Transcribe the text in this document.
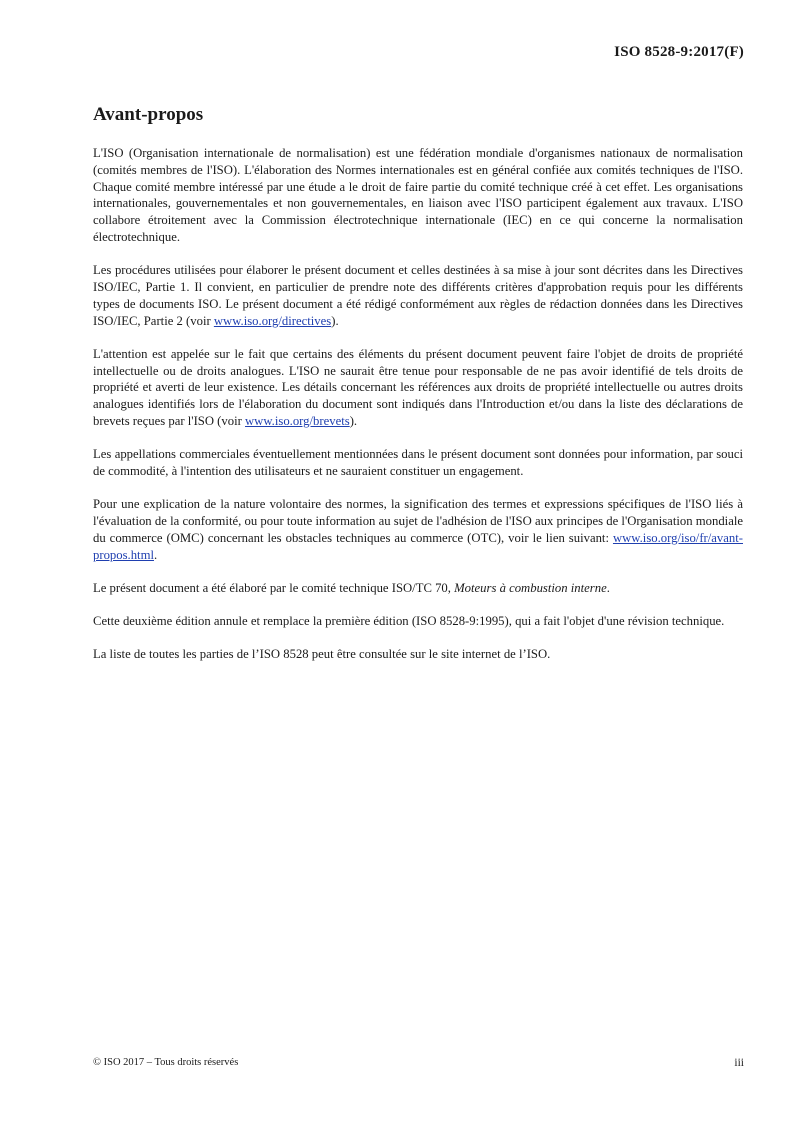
ISO 8528-9:2017(F)
Avant-propos

L'ISO (Organisation internationale de normalisation) est une fédération mondiale d'organismes nationaux de normalisation (comités membres de l'ISO). L'élaboration des Normes internationales est en général confiée aux comités techniques de l'ISO. Chaque comité membre intéressé par une étude a le droit de faire partie du comité technique créé à cet effet. Les organisations internationales, gouvernementales et non gouvernementales, en liaison avec l'ISO participent également aux travaux. L'ISO collabore étroitement avec la Commission électrotechnique internationale (IEC) en ce qui concerne la normalisation électrotechnique.

Les procédures utilisées pour élaborer le présent document et celles destinées à sa mise à jour sont décrites dans les Directives ISO/IEC, Partie 1. Il convient, en particulier de prendre note des différents critères d'approbation requis pour les différents types de documents ISO. Le présent document a été rédigé conformément aux règles de rédaction données dans les Directives ISO/IEC, Partie 2 (voir www.iso.org/directives).

L'attention est appelée sur le fait que certains des éléments du présent document peuvent faire l'objet de droits de propriété intellectuelle ou de droits analogues. L'ISO ne saurait être tenue pour responsable de ne pas avoir identifié de tels droits de propriété et averti de leur existence. Les détails concernant les références aux droits de propriété intellectuelle ou autres droits analogues identifiés lors de l'élaboration du document sont indiqués dans l'Introduction et/ou dans la liste des déclarations de brevets reçues par l'ISO (voir www.iso.org/brevets).

Les appellations commerciales éventuellement mentionnées dans le présent document sont données pour information, par souci de commodité, à l'intention des utilisateurs et ne sauraient constituer un engagement.

Pour une explication de la nature volontaire des normes, la signification des termes et expressions spécifiques de l'ISO liés à l'évaluation de la conformité, ou pour toute information au sujet de l'adhésion de l'ISO aux principes de l'Organisation mondiale du commerce (OMC) concernant les obstacles techniques au commerce (OTC), voir le lien suivant: www.iso.org/iso/fr/avant-propos.html.

Le présent document a été élaboré par le comité technique ISO/TC 70, Moteurs à combustion interne.

Cette deuxième édition annule et remplace la première édition (ISO 8528-9:1995), qui a fait l'objet d'une révision technique.

La liste de toutes les parties de l’ISO 8528 peut être consultée sur le site internet de l’ISO.

© ISO 2017 – Tous droits réservés	iii
